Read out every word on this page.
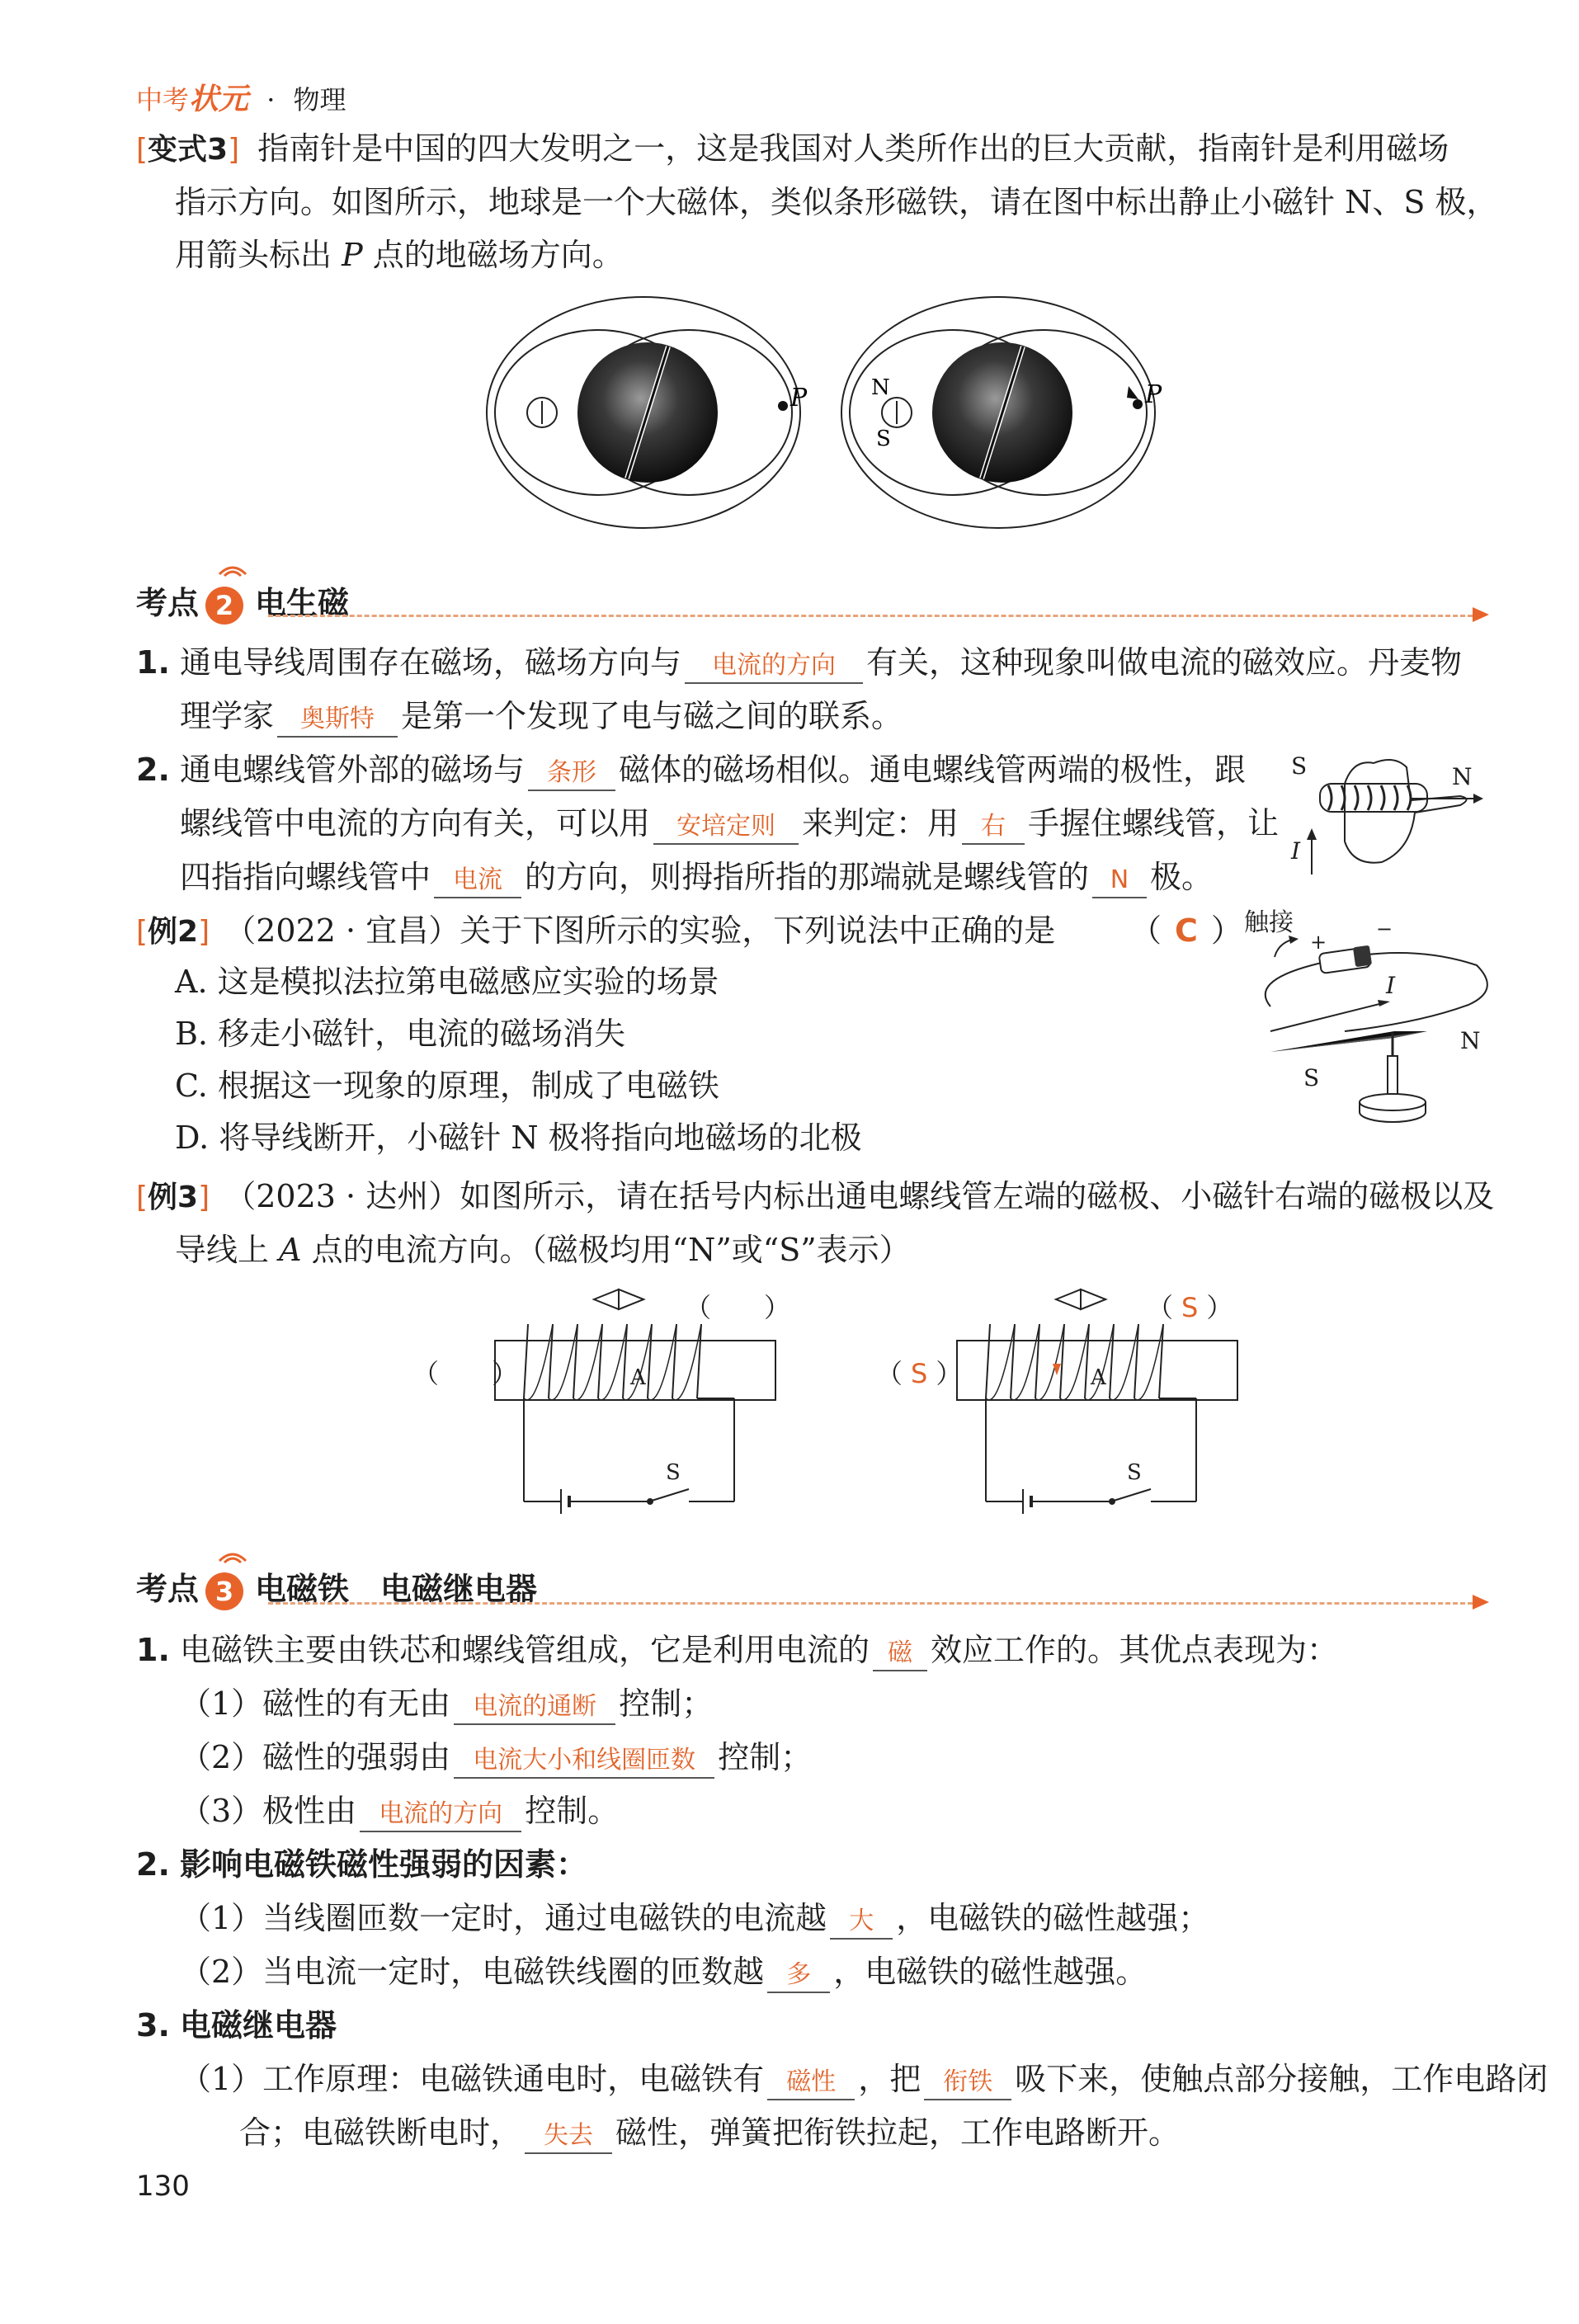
中考状元 · 物理
[变式3] 指南针是中国的四大发明之一，这是我国对人类所作出的巨大贡献，指南针是利用磁场
指示方向。如图所示，地球是一个大磁体，类似条形磁铁，请在图中标出静止小磁针 N、S 极，
用箭头标出 P 点的地磁场方向。
P	P
N
S
考点 2 电生磁
1. 通电导线周围存在磁场，磁场方向与 电流的方向 有关，这种现象叫做电流的磁效应。丹麦物
理学家 奥斯特 是第一个发现了电与磁之间的联系。
2. 通电螺线管外部的磁场与 条形 磁体的磁场相似。通电螺线管两端的极性，跟
螺线管中电流的方向有关，可以用 安培定则 来判定：用 右 手握住螺线管，让
四指指向螺线管中 电流 的方向，则拇指所指的那端就是螺线管的 N 极。
S	N
I
[例2] （2022 · 宜昌）关于下图所示的实验，下列说法中正确的是 （ C ）
A. 这是模拟法拉第电磁感应实验的场景
B. 移走小磁针，电流的磁场消失
C. 根据这一现象的原理，制成了电磁铁
D. 将导线断开，小磁针 N 极将指向地磁场的北极
触接
+
−
I
N
S
[例3] （2023 · 达州）如图所示，请在括号内标出通电螺线管左端的磁极、小磁针右端的磁极以及
导线上 A 点的电流方向。（磁极均用“N”或“S”表示）
（　　）
（　　）	A
S
（ S ）
（ S ）	A
S
考点 3 电磁铁　电磁继电器
1. 电磁铁主要由铁芯和螺线管组成，它是利用电流的 磁 效应工作的。其优点表现为：
（1）磁性的有无由 电流的通断 控制；
（2）磁性的强弱由 电流大小和线圈匝数 控制；
（3）极性由 电流的方向 控制。
2. 影响电磁铁磁性强弱的因素：
（1）当线圈匝数一定时，通过电磁铁的电流越 大 ，电磁铁的磁性越强；
（2）当电流一定时，电磁铁线圈的匝数越 多 ，电磁铁的磁性越强。
3. 电磁继电器
（1）工作原理：电磁铁通电时，电磁铁有 磁性 ，把 衔铁 吸下来，使触点部分接触，工作电路闭
合；电磁铁断电时， 失去 磁性，弹簧把衔铁拉起，工作电路断开。
130
